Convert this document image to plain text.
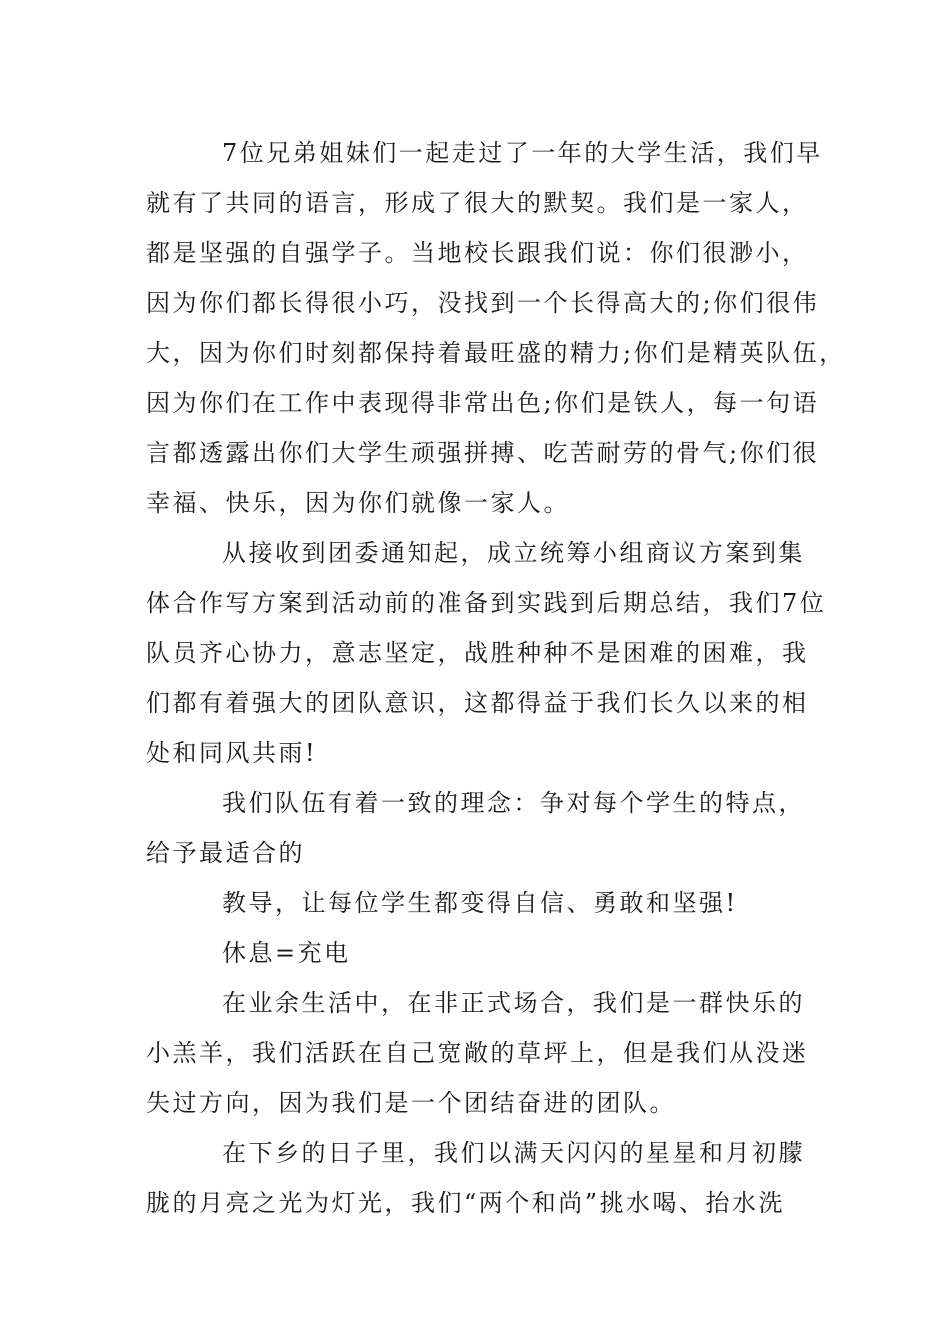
7位兄弟姐妹们一起走过了一年的大学生活，我们早
就有了共同的语言，形成了很大的默契。我们是一家人，
都是坚强的自强学子。当地校长跟我们说：你们很渺小，
因为你们都长得很小巧，没找到一个长得高大的;你们很伟
大，因为你们时刻都保持着最旺盛的精力;你们是精英队伍，
因为你们在工作中表现得非常出色;你们是铁人，每一句语
言都透露出你们大学生顽强拼搏、吃苦耐劳的骨气;你们很
幸福、快乐，因为你们就像一家人。
从接收到团委通知起，成立统筹小组商议方案到集
体合作写方案到活动前的准备到实践到后期总结，我们7位
队员齐心协力，意志坚定，战胜种种不是困难的困难，我
们都有着强大的团队意识，这都得益于我们长久以来的相
处和同风共雨!
我们队伍有着一致的理念：争对每个学生的特点，
给予最适合的
教导，让每位学生都变得自信、勇敢和坚强!
休息=充电
在业余生活中，在非正式场合，我们是一群快乐的
小羔羊，我们活跃在自己宽敞的草坪上，但是我们从没迷
失过方向，因为我们是一个团结奋进的团队。
在下乡的日子里，我们以满天闪闪的星星和月初朦
胧的月亮之光为灯光，我们“两个和尚”挑水喝、抬水洗
